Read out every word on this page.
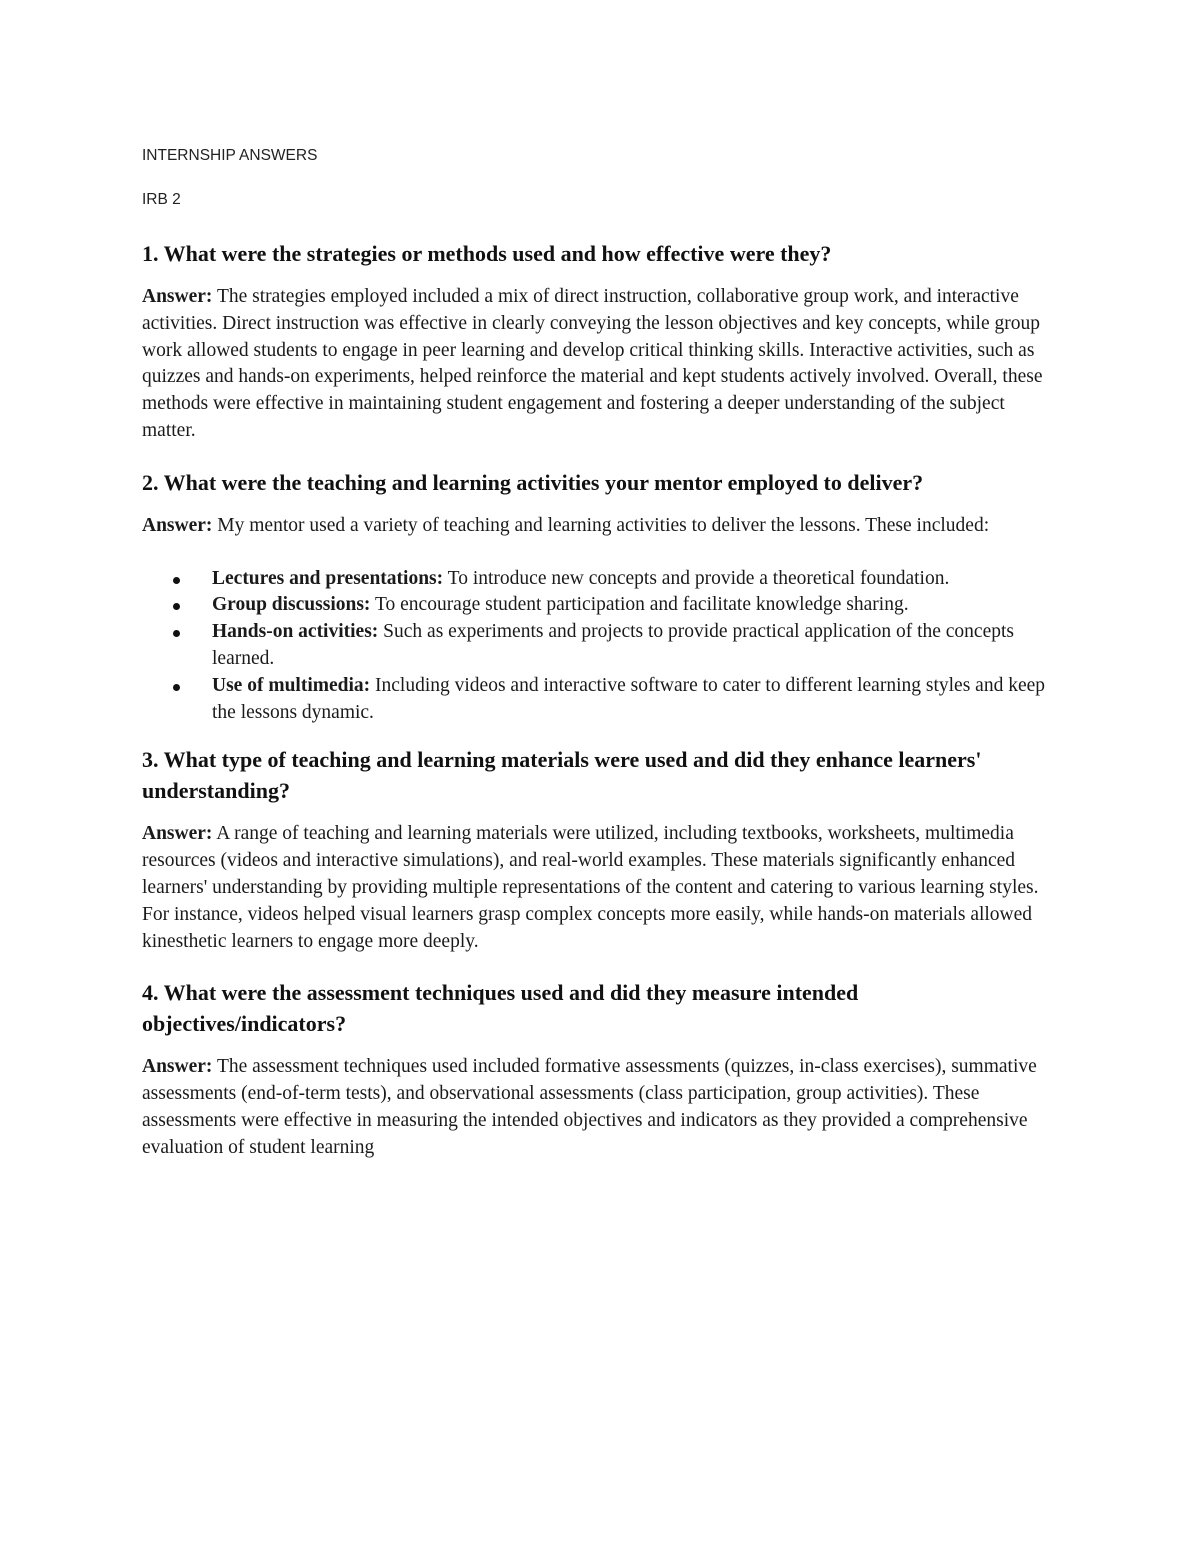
INTERNSHIP ANSWERS

IRB 2

1. What were the strategies or methods used and how effective were they?

Answer: The strategies employed included a mix of direct instruction, collaborative group work, and interactive activities. Direct instruction was effective in clearly conveying the lesson objectives and key concepts, while group work allowed students to engage in peer learning and develop critical thinking skills. Interactive activities, such as quizzes and hands-on experiments, helped reinforce the material and kept students actively involved. Overall, these methods were effective in maintaining student engagement and fostering a deeper understanding of the subject matter.

2. What were the teaching and learning activities your mentor employed to deliver?

Answer: My mentor used a variety of teaching and learning activities to deliver the lessons. These included:

Lectures and presentations: To introduce new concepts and provide a theoretical foundation.
Group discussions: To encourage student participation and facilitate knowledge sharing.
Hands-on activities: Such as experiments and projects to provide practical application of the concepts learned.
Use of multimedia: Including videos and interactive software to cater to different learning styles and keep the lessons dynamic.

3. What type of teaching and learning materials were used and did they enhance learners' understanding?

Answer: A range of teaching and learning materials were utilized, including textbooks, worksheets, multimedia resources (videos and interactive simulations), and real-world examples. These materials significantly enhanced learners' understanding by providing multiple representations of the content and catering to various learning styles. For instance, videos helped visual learners grasp complex concepts more easily, while hands-on materials allowed kinesthetic learners to engage more deeply.

4. What were the assessment techniques used and did they measure intended objectives/indicators?

Answer: The assessment techniques used included formative assessments (quizzes, in-class exercises), summative assessments (end-of-term tests), and observational assessments (class participation, group activities). These assessments were effective in measuring the intended objectives and indicators as they provided a comprehensive evaluation of student learning
